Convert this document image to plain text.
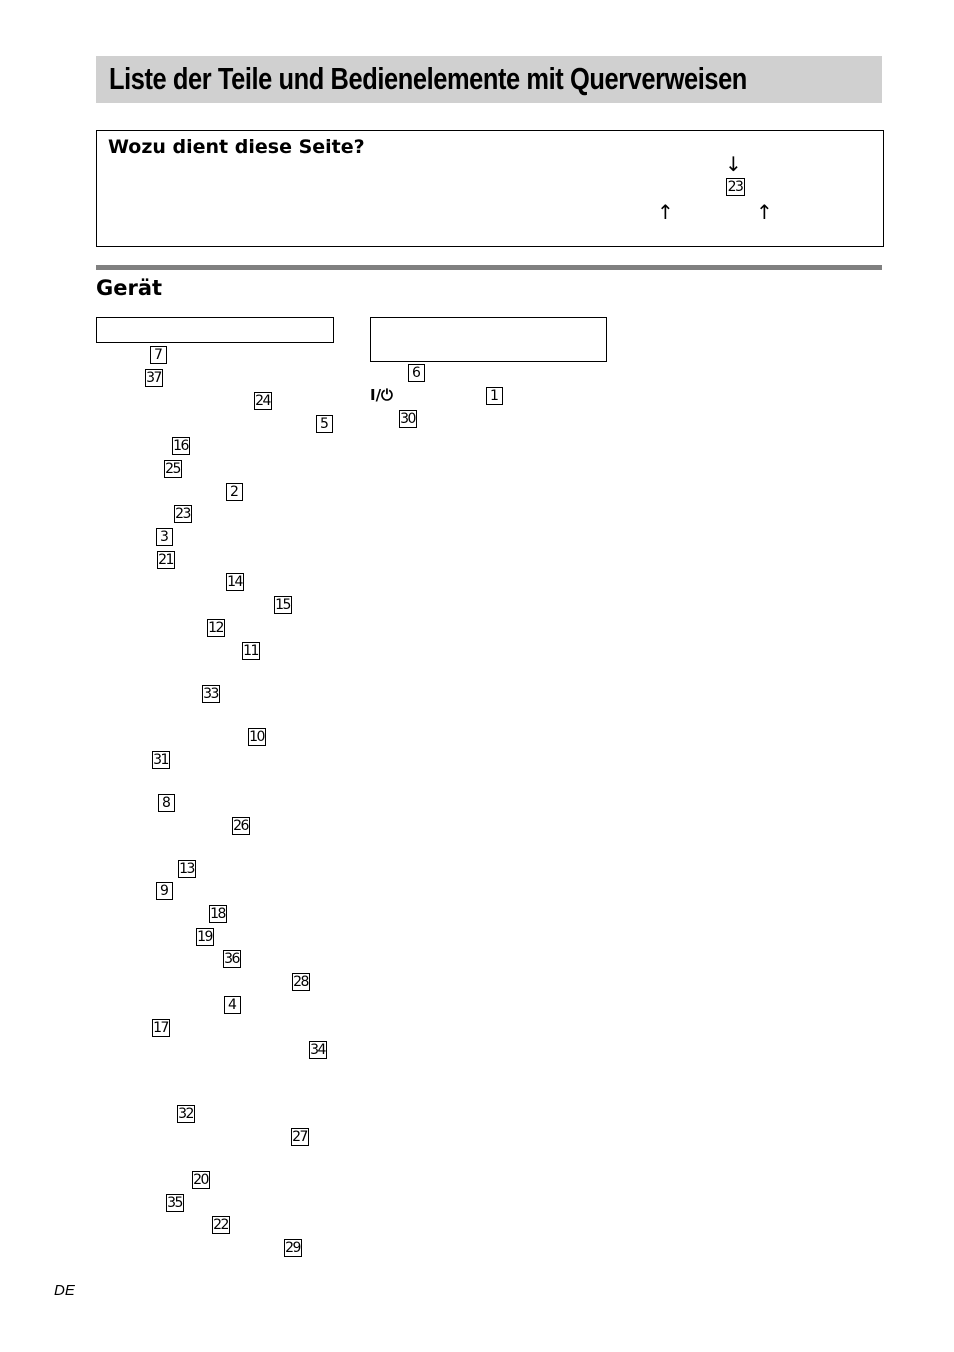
Liste der Teile und Bedienelemente mit Querverweisen
Wozu dient diese Seite?
↓
23
↑	↑
Gerät
7
37
24
5
16
25
2
23
3
21
14
15
12
11
33
10
31
8
26
13
9
18
19
36
28
4
17
34
32
27
20
35
22
29
6
I/⏻	1
30
DE
